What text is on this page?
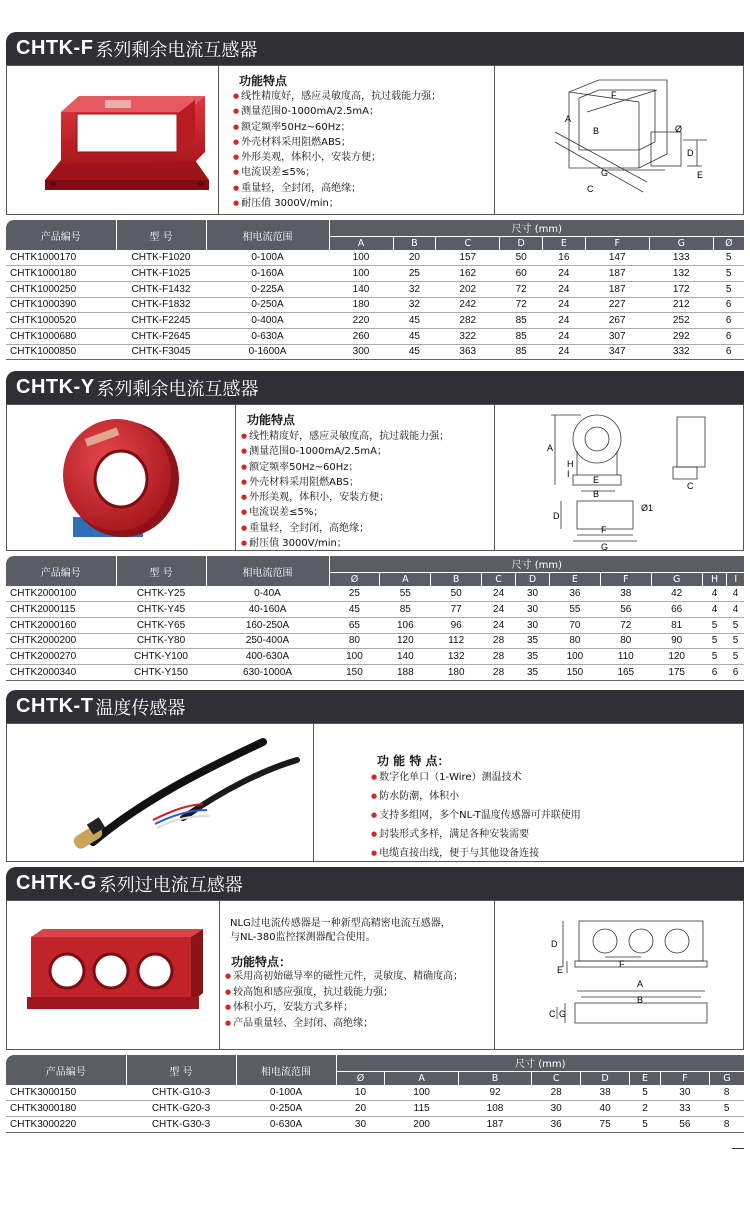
CHTK-F 系列剩余电流互感器
功能特点
● 线性精度好，感应灵敏度高，抗过载能力强；
● 测量范围0-1000mA/2.5mA；
● 额定频率50Hz~60Hz；
● 外壳材料采用阻燃ABS；
● 外形美观，体积小，安装方便；
● 电流误差≤5%；
● 重量轻，全封闭，高绝缘；
● 耐压值 3000V/min；
F
A
B
G
C
D
E
Ø
产品编号	型 号	相电流范围	尺寸 (mm)							
			A	B	C	D	E	F	G	Ø
CHTK1000170	CHTK-F1020	0-100A	100	20	157	50	16	147	133	5
CHTK1000180	CHTK-F1025	0-160A	100	25	162	60	24	187	132	5
CHTK1000250	CHTK-F1432	0-225A	140	32	202	72	24	187	172	5
CHTK1000390	CHTK-F1832	0-250A	180	32	242	72	24	227	212	6
CHTK1000520	CHTK-F2245	0-400A	220	45	282	85	24	267	252	6
CHTK1000680	CHTK-F2645	0-630A	260	45	322	85	24	307	292	6
CHTK1000850	CHTK-F3045	0-1600A	300	45	363	85	24	347	332	6
CHTK-Y 系列剩余电流互感器
功能特点
● 线性精度好，感应灵敏度高，抗过载能力强；
● 测量范围0-1000mA/2.5mA；
● 额定频率50Hz~60Hz；
● 外壳材料采用阻燃ABS；
● 外形美观，体积小，安装方便；
● 电流误差≤5%；
● 重量轻，全封闭，高绝缘；
● 耐压值 3000V/min；
A
H
I
E
B
C
D
F
G
Ø1
产品编号	型 号	相电流范围	尺寸 (mm)									
			Ø	A	B	C	D	E	F	G	H	I
CHTK2000100	CHTK-Y25	0-40A	25	55	50	24	30	36	38	42	4	4
CHTK2000115	CHTK-Y45	40-160A	45	85	77	24	30	55	56	66	4	4
CHTK2000160	CHTK-Y65	160-250A	65	106	96	24	30	70	72	81	5	5
CHTK2000200	CHTK-Y80	250-400A	80	120	112	28	35	80	80	90	5	5
CHTK2000270	CHTK-Y100	400-630A	100	140	132	28	35	100	110	120	5	5
CHTK2000340	CHTK-Y150	630-1000A	150	188	180	28	35	150	165	175	6	6
CHTK-T 温度传感器
功 能 特 点：
● 数字化单口（1-Wire）测温技术
● 防水防潮，体积小
● 支持多组网，多个NL-T温度传感器可并联使用
● 封装形式多样，满足各种安装需要
● 电缆直接出线，便于与其他设备连接
CHTK-G 系列过电流互感器
NLG过电流传感器是一种新型高精密电流互感器，
与NL-380监控探测器配合使用。
功能特点：
● 采用高初始磁导率的磁性元件，灵敏度、精确度高；
● 较高饱和感应强度，抗过载能力强；
● 体积小巧，安装方式多样；
● 产品重量轻、全封闭、高绝缘；
D
E
F
A
B
C G
产品编号	型 号	相电流范围	尺寸 (mm)							
			Ø	A	B	C	D	E	F	G
CHTK3000150	CHTK-G10-3	0-100A	10	100	92	28	38	5	30	8
CHTK3000180	CHTK-G20-3	0-250A	20	115	108	30	40	2	33	5
CHTK3000220	CHTK-G30-3	0-630A	30	200	187	36	75	5	56	8
